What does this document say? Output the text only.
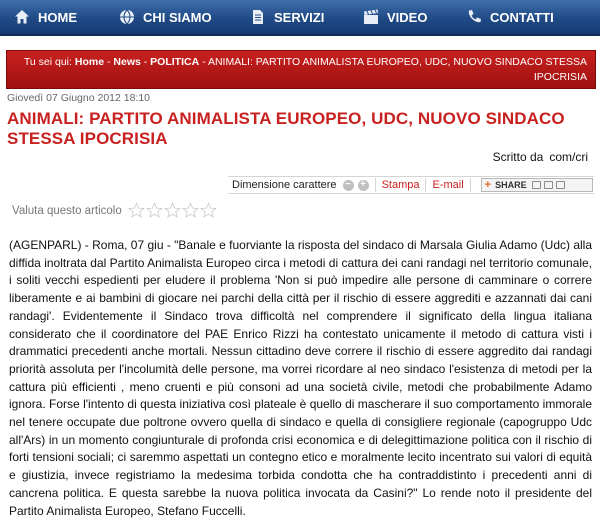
HOME	CHI SIAMO	SERVIZI	VIDEO	CONTATTI
Tu sei qui: Home - News - POLITICA - ANIMALI: PARTITO ANIMALISTA EUROPEO, UDC, NUOVO SINDACO STESSA IPOCRISIA
Giovedì 07 Giugno 2012 18:10
ANIMALI: PARTITO ANIMALISTA EUROPEO, UDC, NUOVO SINDACO STESSA IPOCRISIA
Scritto da com/cri
Dimensione carattere − + Stampa E-mail + SHARE
Valuta questo articolo
(AGENPARL) - Roma, 07 giu - "Banale e fuorviante la risposta del sindaco di Marsala Giulia Adamo (Udc) alla diffida inoltrata dal Partito Animalista Europeo circa i metodi di cattura dei cani randagi nel territorio comunale, i soliti vecchi espedienti per eludere il problema 'Non si può impedire alle persone di camminare o correre liberamente e ai bambini di giocare nei parchi della città per il rischio di essere aggrediti e azzannati dai cani randagi'. Evidentemente il Sindaco trova difficoltà nel comprendere il significato della lingua italiana considerato che il coordinatore del PAE Enrico Rizzi ha contestato unicamente il metodo di cattura visti i drammatici precedenti anche mortali. Nessun cittadino deve correre il rischio di essere aggredito dai randagi priorità assoluta per l'incolumità delle persone, ma vorrei ricordare al neo sindaco l'esistenza di metodi per la cattura più efficienti , meno cruenti e più consoni ad una società civile, metodi che probabilmente Adamo ignora. Forse l'intento di questa iniziativa così plateale è quello di mascherare il suo comportamento immorale nel tenere occupate due poltrone ovvero quella di sindaco e quella di consigliere regionale (capogruppo Udc all'Ars) in un momento congiunturale di profonda crisi economica e di delegittimazione politica con il rischio di forti tensioni sociali; ci saremmo aspettati un contegno etico e moralmente lecito incentrato sui valori di equità e giustizia, invece registriamo la medesima torbida condotta che ha contraddistinto i precedenti anni di cancrena politica. E questa sarebbe la nuova politica invocata da Casini?" Lo rende noto il presidente del Partito Animalista Europeo, Stefano Fuccelli.
